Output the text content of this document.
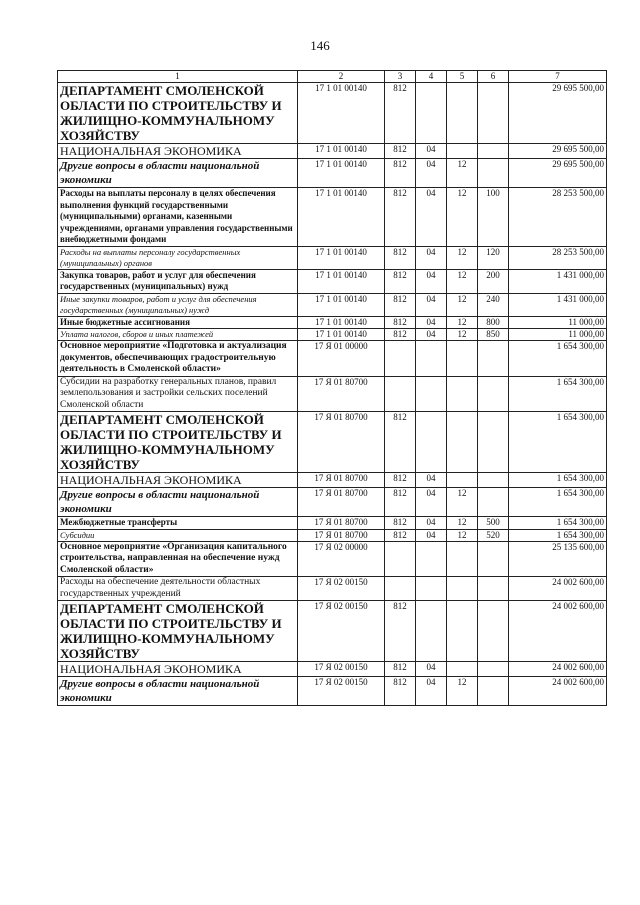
146
1	2	3	4	5	6	7
ДЕПАРТАМЕНТ СМОЛЕНСКОЙ ОБЛАСТИ ПО СТРОИТЕЛЬСТВУ И ЖИЛИЩНО-КОММУНАЛЬНОМУ ХОЗЯЙСТВУ	17 1 01 00140	812				29 695 500,00
НАЦИОНАЛЬНАЯ ЭКОНОМИКА	17 1 01 00140	812	04			29 695 500,00
Другие вопросы в области национальной экономики	17 1 01 00140	812	04	12		29 695 500,00
Расходы на выплаты персоналу в целях обеспечения выполнения функций государственными (муниципальными) органами, казенными учреждениями, органами управления государственными внебюджетными фондами	17 1 01 00140	812	04	12	100	28 253 500,00
Расходы на выплаты персоналу государственных (муниципальных) органов	17 1 01 00140	812	04	12	120	28 253 500,00
Закупка товаров, работ и услуг для обеспечения государственных (муниципальных) нужд	17 1 01 00140	812	04	12	200	1 431 000,00
Иные закупки товаров, работ и услуг для обеспечения государственных (муниципальных) нужд	17 1 01 00140	812	04	12	240	1 431 000,00
Иные бюджетные ассигнования	17 1 01 00140	812	04	12	800	11 000,00
Уплата налогов, сборов и иных платежей	17 1 01 00140	812	04	12	850	11 000,00
Основное мероприятие «Подготовка и актуализация документов, обеспечивающих градостроительную деятельность в Смоленской области»	17 Я 01 00000					1 654 300,00
Субсидии на разработку генеральных планов, правил землепользования и застройки сельских поселений Смоленской области	17 Я 01 80700					1 654 300,00
ДЕПАРТАМЕНТ СМОЛЕНСКОЙ ОБЛАСТИ ПО СТРОИТЕЛЬСТВУ И ЖИЛИЩНО-КОММУНАЛЬНОМУ ХОЗЯЙСТВУ	17 Я 01 80700	812				1 654 300,00
НАЦИОНАЛЬНАЯ ЭКОНОМИКА	17 Я 01 80700	812	04			1 654 300,00
Другие вопросы в области национальной экономики	17 Я 01 80700	812	04	12		1 654 300,00
Межбюджетные трансферты	17 Я 01 80700	812	04	12	500	1 654 300,00
Субсидии	17 Я 01 80700	812	04	12	520	1 654 300,00
Основное мероприятие «Организация капитального строительства, направленная на обеспечение нужд Смоленской области»	17 Я 02 00000					25 135 600,00
Расходы на обеспечение деятельности областных государственных учреждений	17 Я 02 00150					24 002 600,00
ДЕПАРТАМЕНТ СМОЛЕНСКОЙ ОБЛАСТИ ПО СТРОИТЕЛЬСТВУ И ЖИЛИЩНО-КОММУНАЛЬНОМУ ХОЗЯЙСТВУ	17 Я 02 00150	812				24 002 600,00
НАЦИОНАЛЬНАЯ ЭКОНОМИКА	17 Я 02 00150	812	04			24 002 600,00
Другие вопросы в области национальной экономики	17 Я 02 00150	812	04	12		24 002 600,00
